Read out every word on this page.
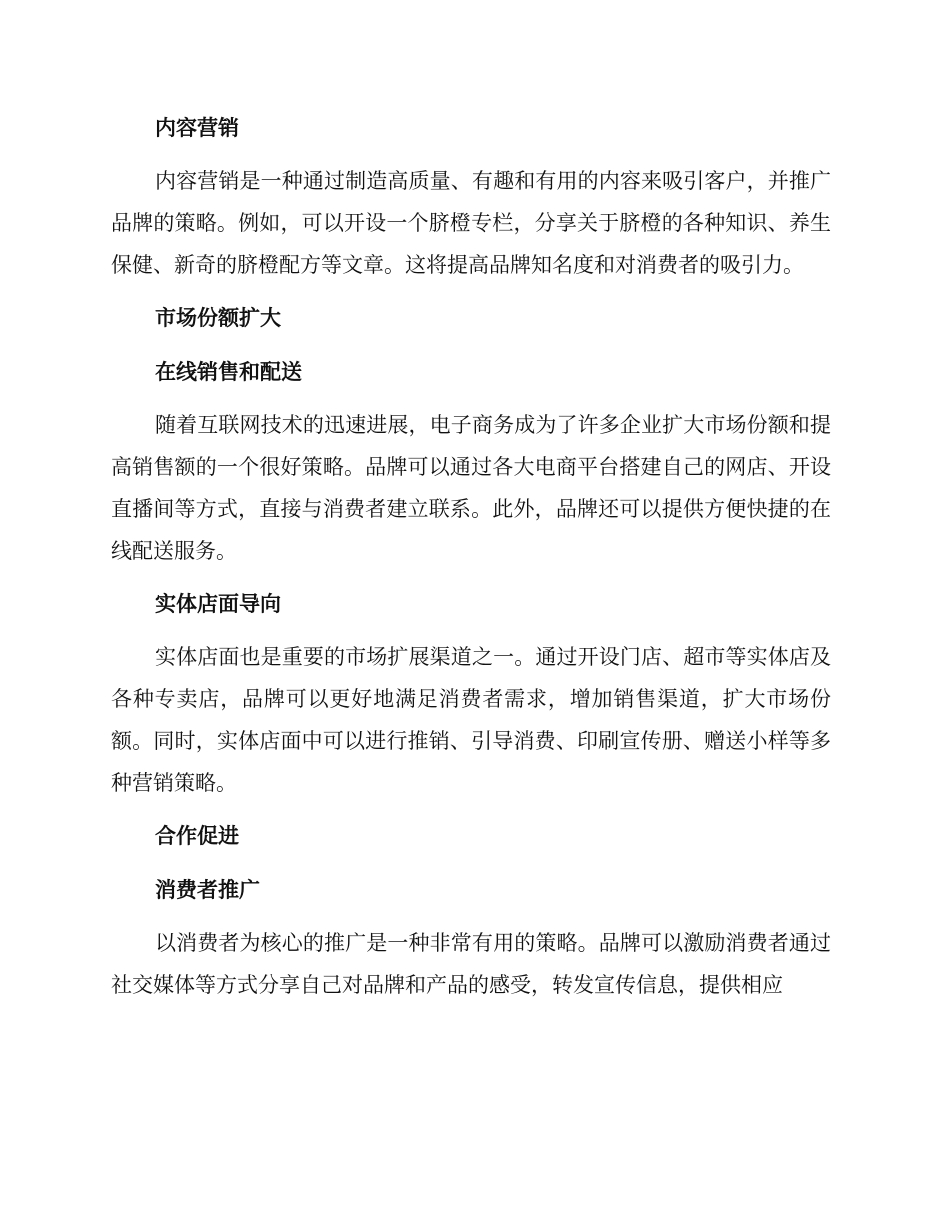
内容营销

内容营销是一种通过制造高质量、有趣和有用的内容来吸引客户，并推广品牌的策略。例如，可以开设一个脐橙专栏，分享关于脐橙的各种知识、养生保健、新奇的脐橙配方等文章。这将提高品牌知名度和对消费者的吸引力。

市场份额扩大
在线销售和配送

随着互联网技术的迅速进展，电子商务成为了许多企业扩大市场份额和提高销售额的一个很好策略。品牌可以通过各大电商平台搭建自己的网店、开设直播间等方式，直接与消费者建立联系。此外，品牌还可以提供方便快捷的在线配送服务。

实体店面导向

实体店面也是重要的市场扩展渠道之一。通过开设门店、超市等实体店及各种专卖店，品牌可以更好地满足消费者需求，增加销售渠道，扩大市场份额。同时，实体店面中可以进行推销、引导消费、印刷宣传册、赠送小样等多种营销策略。

合作促进
消费者推广

以消费者为核心的推广是一种非常有用的策略。品牌可以激励消费者通过社交媒体等方式分享自己对品牌和产品的感受，转发宣传信息，提供相应
